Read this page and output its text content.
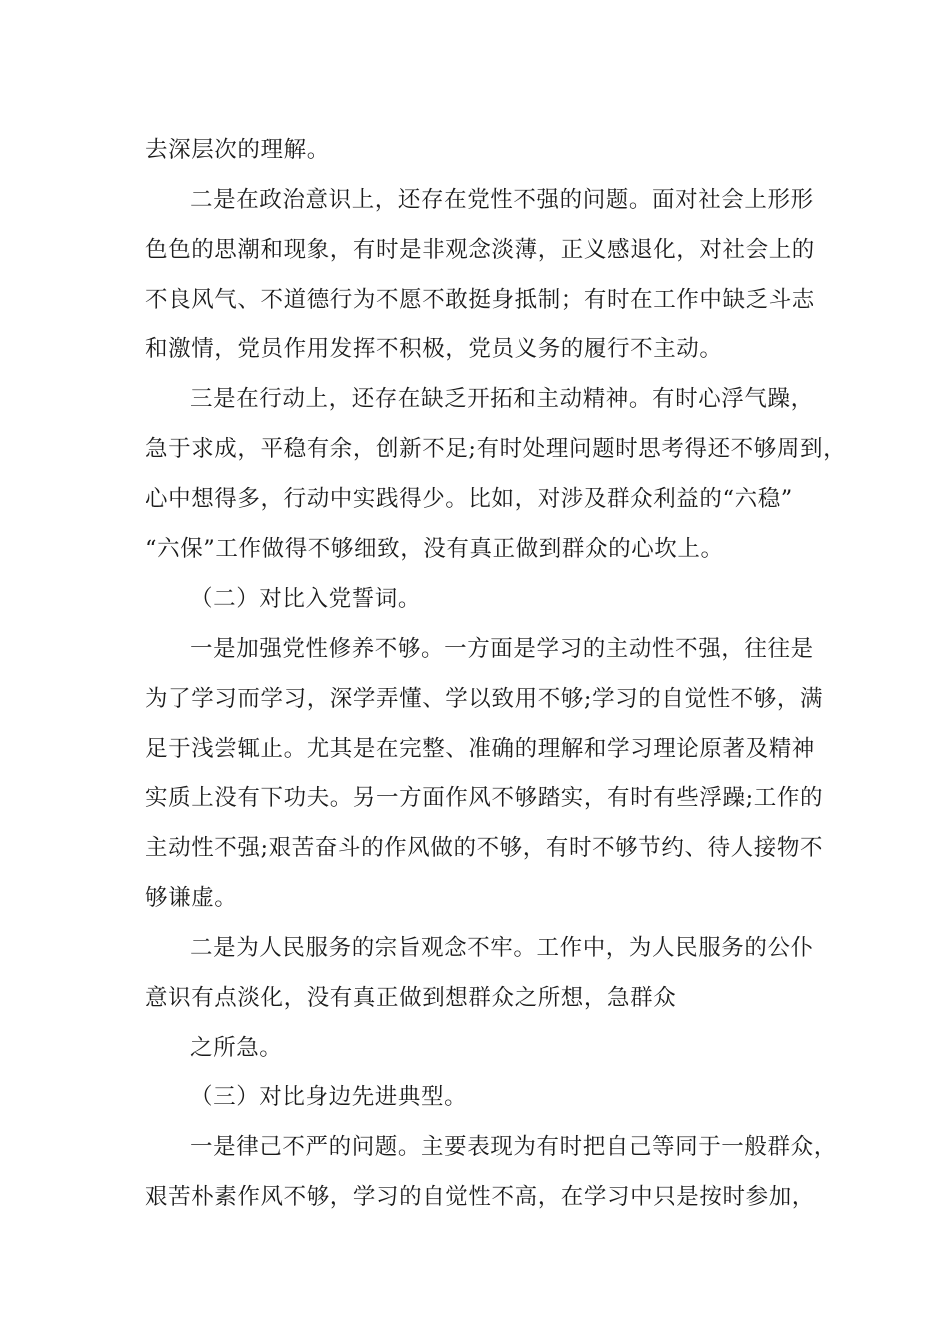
去深层次的理解。
二是在政治意识上，还存在党性不强的问题。面对社会上形形
色色的思潮和现象，有时是非观念淡薄，正义感退化，对社会上的
不良风气、不道德行为不愿不敢挺身抵制；有时在工作中缺乏斗志
和激情，党员作用发挥不积极，党员义务的履行不主动。
三是在行动上，还存在缺乏开拓和主动精神。有时心浮气躁，
急于求成，平稳有余，创新不足;有时处理问题时思考得还不够周到，
心中想得多，行动中实践得少。比如，对涉及群众利益的“六稳”
“六保”工作做得不够细致，没有真正做到群众的心坎上。
（二）对比入党誓词。
一是加强党性修养不够。一方面是学习的主动性不强，往往是
为了学习而学习，深学弄懂、学以致用不够;学习的自觉性不够，满
足于浅尝辄止。尤其是在完整、准确的理解和学习理论原著及精神
实质上没有下功夫。另一方面作风不够踏实，有时有些浮躁;工作的
主动性不强;艰苦奋斗的作风做的不够，有时不够节约、待人接物不
够谦虚。
二是为人民服务的宗旨观念不牢。工作中，为人民服务的公仆
意识有点淡化，没有真正做到想群众之所想，急群众
之所急。
（三）对比身边先进典型。
一是律己不严的问题。主要表现为有时把自己等同于一般群众，
艰苦朴素作风不够，学习的自觉性不高，在学习中只是按时参加，
